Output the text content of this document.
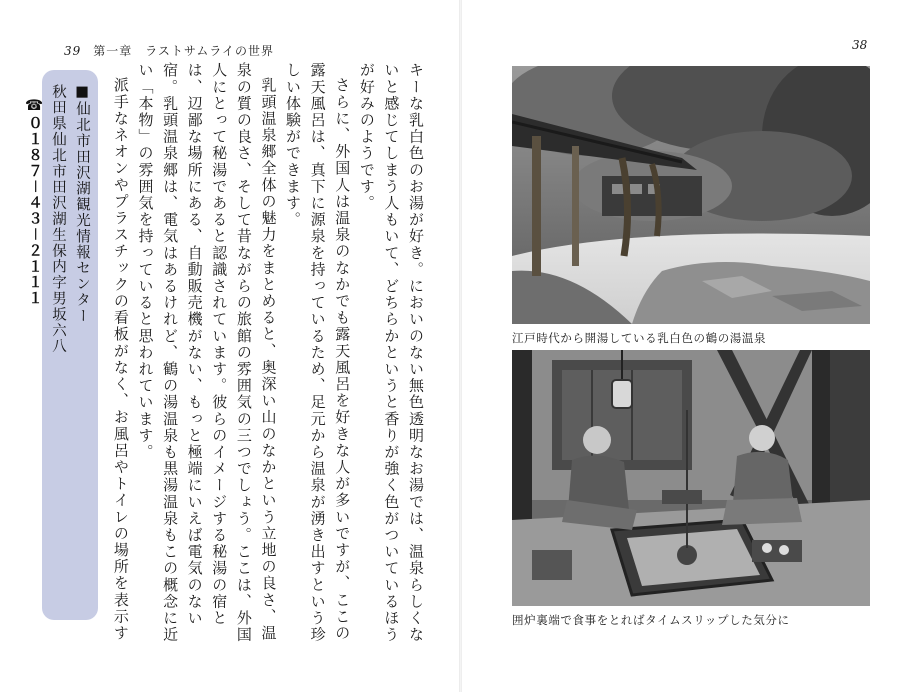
39 第一章　ラストサムライの世界

キーな乳白色のお湯が好き。においのない無色透明なお湯では、温泉らしくないと感じてしまう人もいて、どちらかというと香りが強く色がついているほうが好みのようです。

さらに、外国人は温泉のなかでも露天風呂を好きな人が多いですが、ここの露天風呂は、真下に源泉を持っているため、足元から温泉が湧き出すという珍しい体験ができます。

乳頭温泉郷全体の魅力をまとめると、奥深い山のなかという立地の良さ、温泉の質の良さ、そして昔ながらの旅館の雰囲気の三つでしょう。ここは、外国人にとって秘湯であると認識されています。彼らのイメージする秘湯の宿とは、辺鄙な場所にある、自動販売機がない、もっと極端にいえば電気のない宿。乳頭温泉郷は、電気はあるけれど、鶴の湯温泉も黒湯温泉もこの概念に近い「本物」の雰囲気を持っていると思われています。

派手なネオンやプラスチックの看板がなく、お風呂やトイレの場所を表示す

■仙北市田沢湖観光情報センター
秋田県仙北市田沢湖生保内字男坂六八
☎０１８７－４３－２１１１
38
江戸時代から開湯している乳白色の鶴の湯温泉
囲炉裏端で食事をとればタイムスリップした気分に
